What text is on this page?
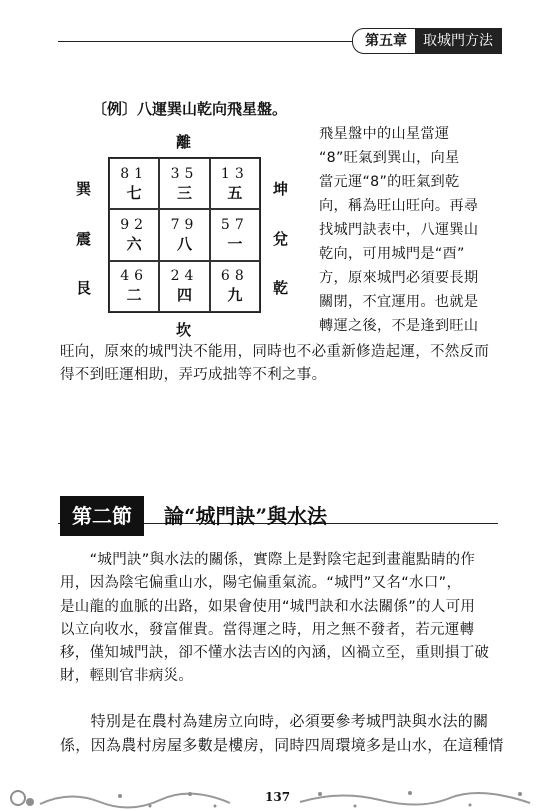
第五章	取城門方法
〔例〕八運巽山乾向飛星盤。
離
坎
巽
震
艮
坤
兌
乾
81
七
35
三
13
五
92
六
79
八
57
一
46
二
24
四
68
九
飛星盤中的山星當運
“8”旺氣到巽山，向星
當元運“8”的旺氣到乾
向，稱為旺山旺向。再尋
找城門訣表中，八運巽山
乾向，可用城門是“酉”
方，原來城門必須要長期
關閉，不宜運用。也就是
轉運之後，不是逢到旺山
旺向，原來的城門決不能用，同時也不必重新修造起運，不然反而
得不到旺運相助，弄巧成拙等不利之事。
第二節	論“城門訣”與水法
　　“城門訣”與水法的關係，實際上是對陰宅起到畫龍點睛的作
用，因為陰宅偏重山水，陽宅偏重氣流。“城門”又名“水口”，
是山龍的血脈的出路，如果會使用“城門訣和水法關係”的人可用
以立向收水，發富催貴。當得運之時，用之無不發者，若元運轉
移，僅知城門訣，卻不懂水法吉凶的內涵，凶禍立至，重則損丁破
財，輕則官非病災。
　　特別是在農村為建房立向時，必須要參考城門訣與水法的關
係，因為農村房屋多數是樓房，同時四周環境多是山水，在這種情
137
